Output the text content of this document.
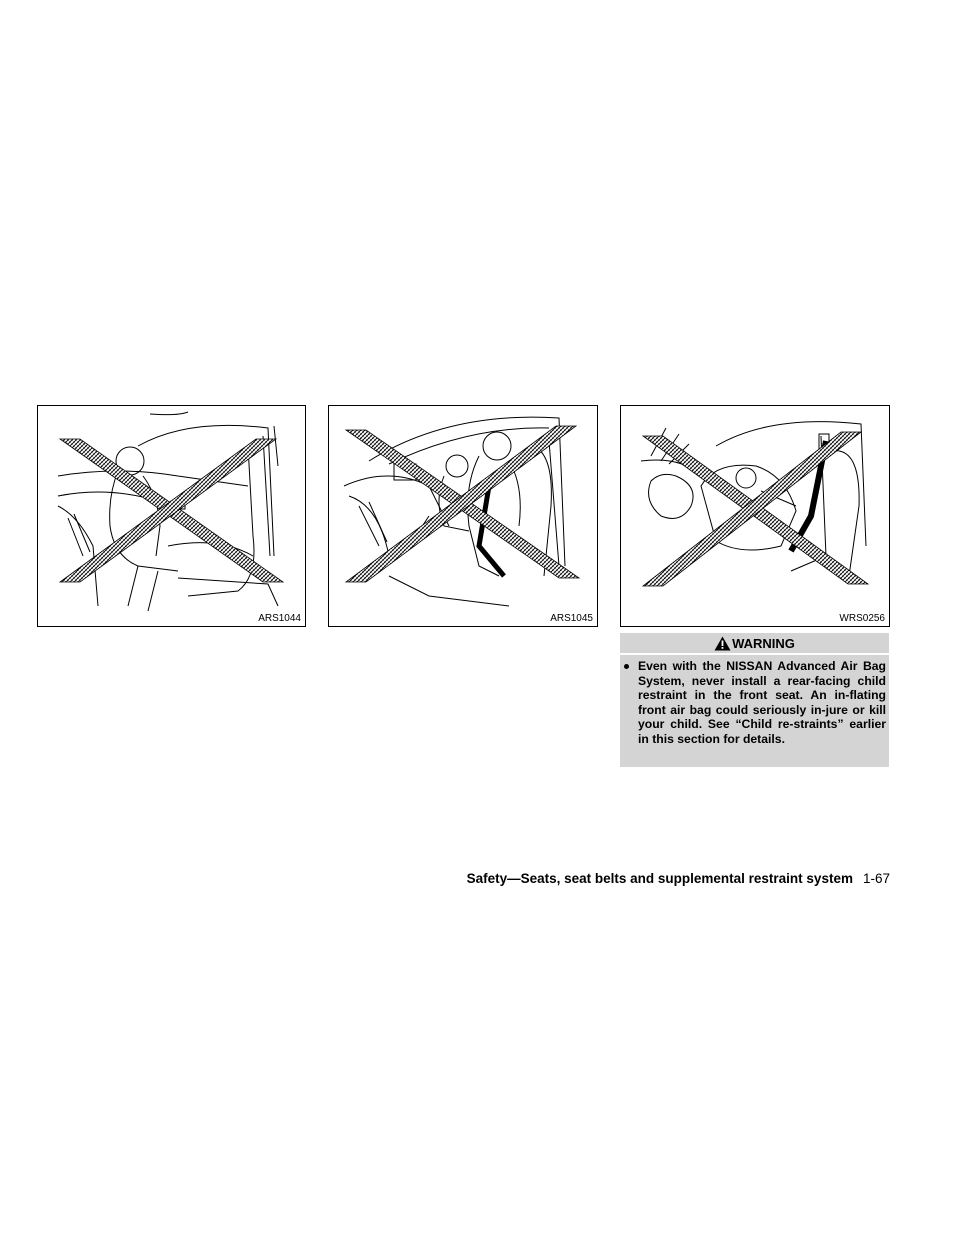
ARS1044	ARS1045	WRS0256
WARNING
Even with the NISSAN Advanced Air Bag System, never install a rear-facing child restraint in the front seat. An in-flating front air bag could seriously in-jure or kill your child. See “Child re-straints” earlier in this section for details.
Safety—Seats, seat belts and supplemental restraint system 1-67
